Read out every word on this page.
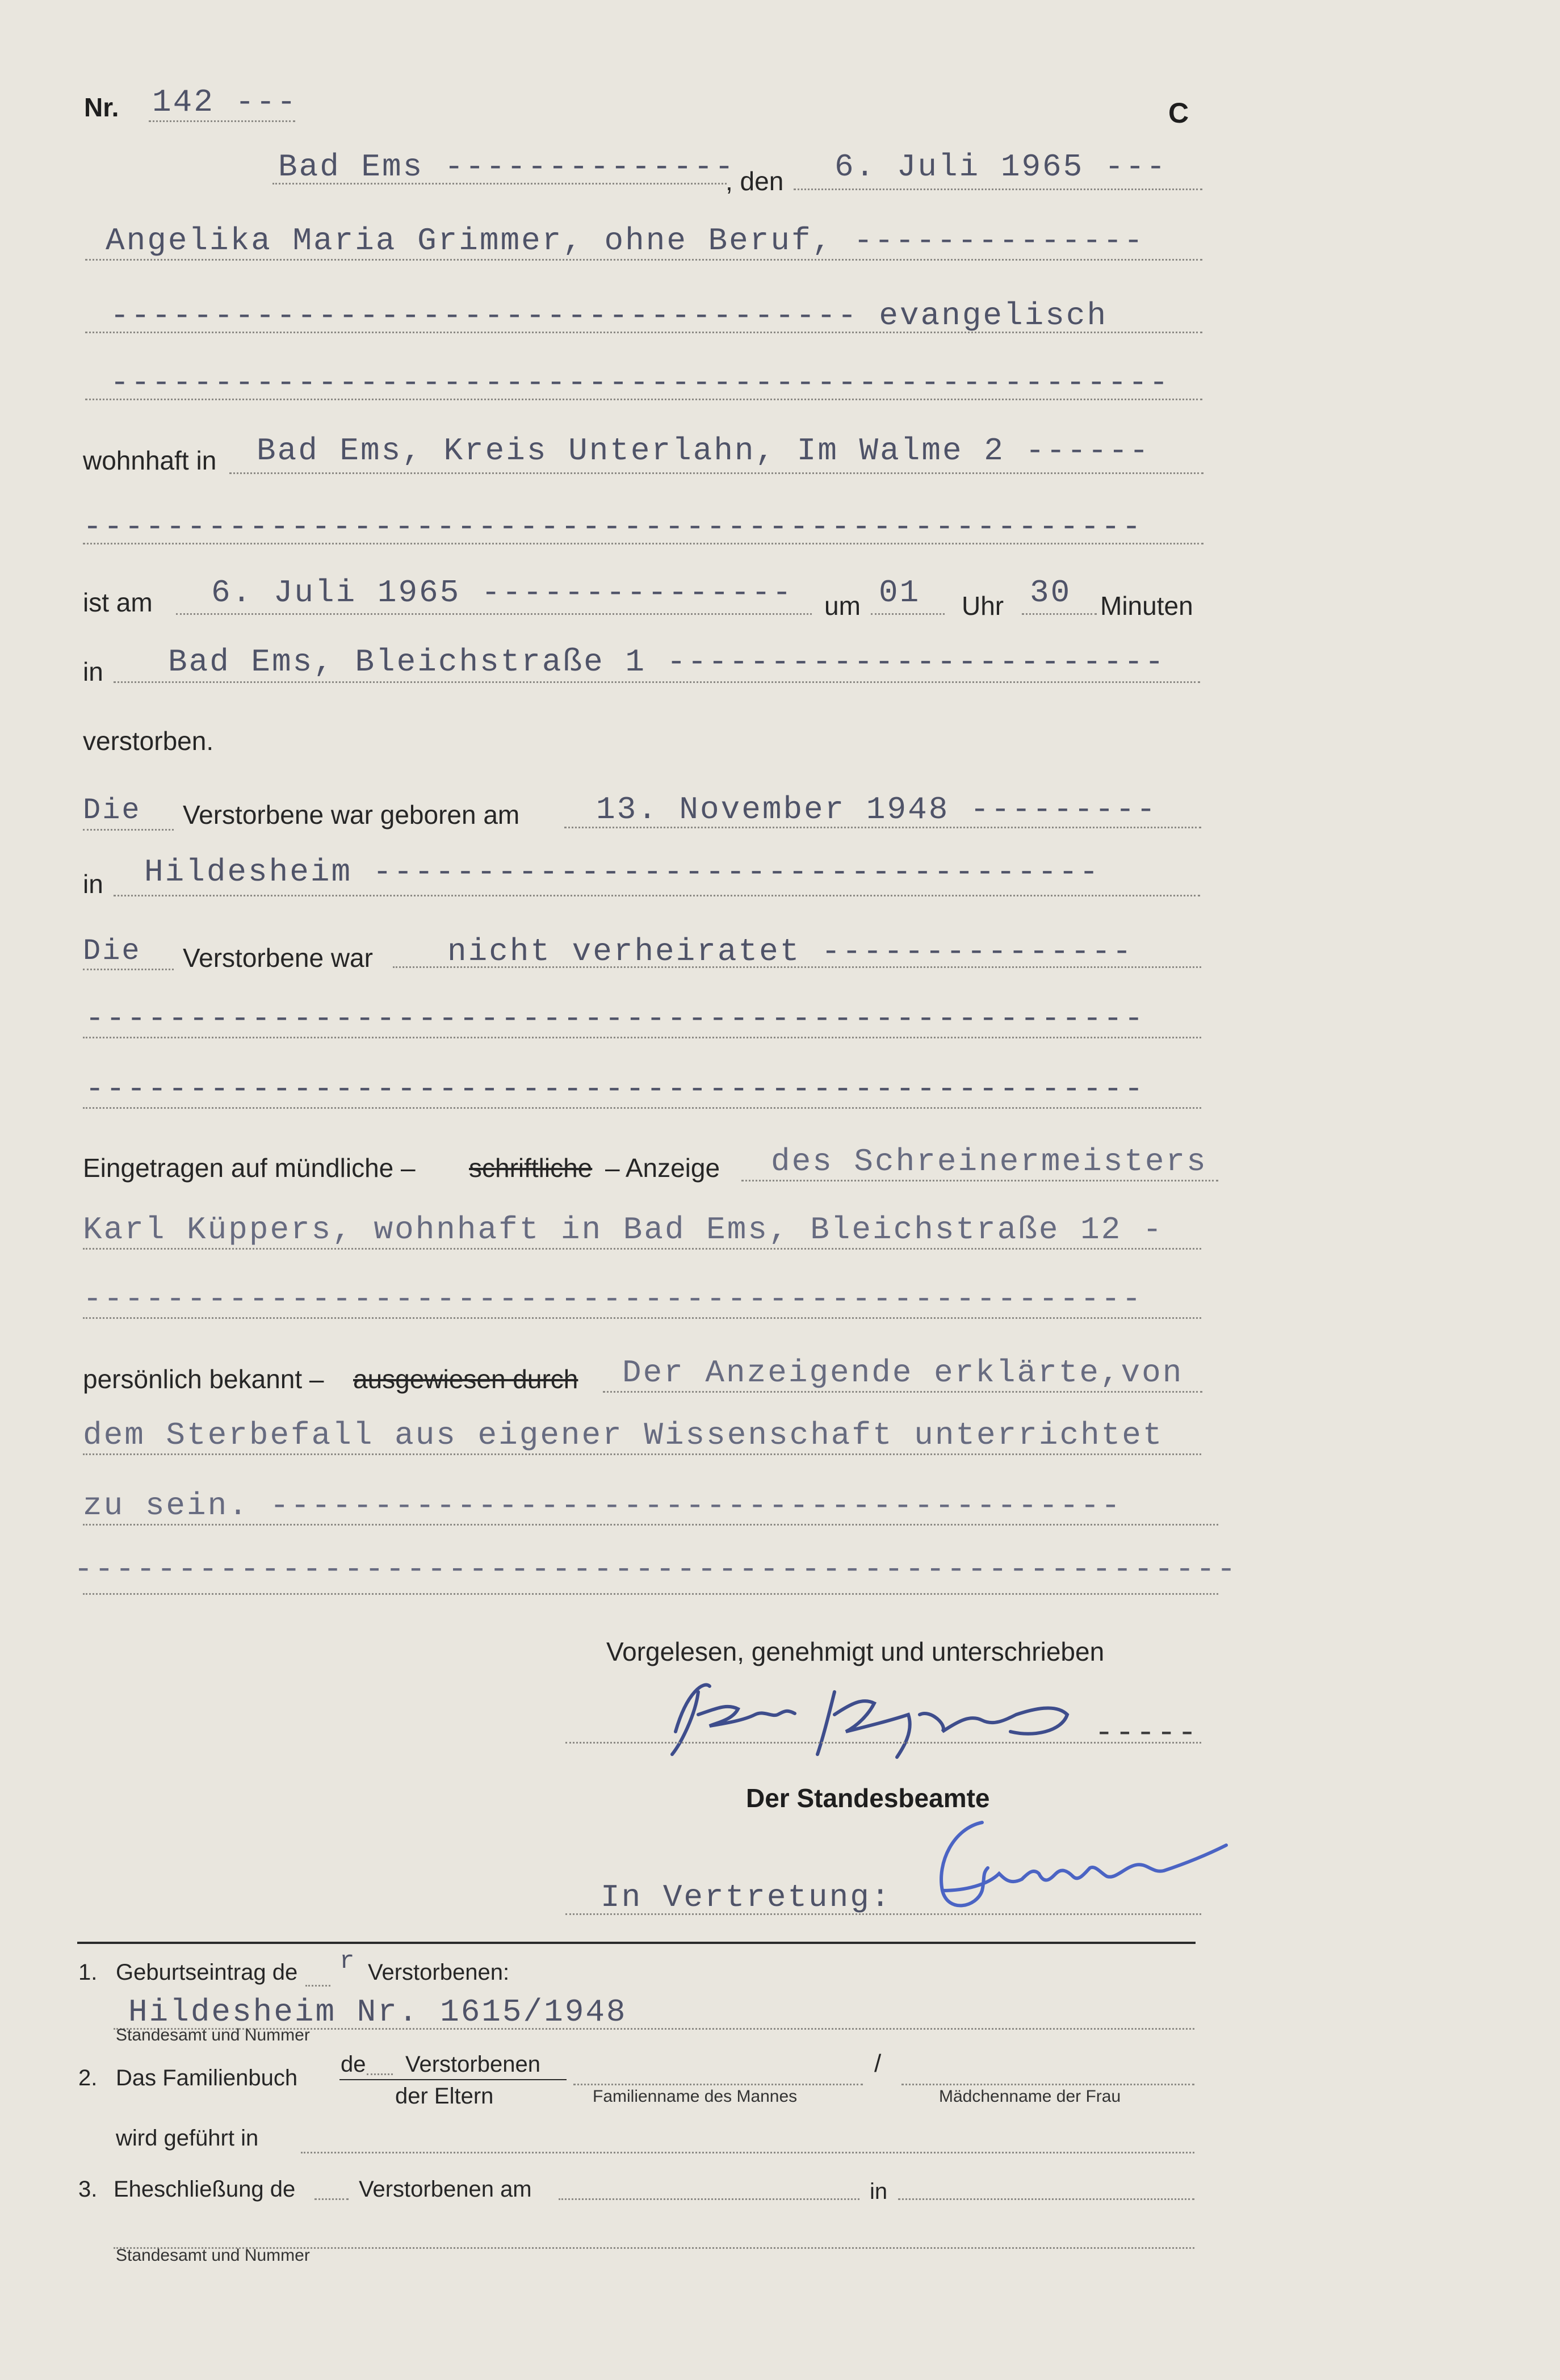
Nr. 142 ---	C
Bad Ems --------------
, den 6. Juli 1965 ---
Angelika Maria Grimmer, ohne Beruf, --------------
------------------------------------ evangelisch
---------------------------------------------------
wohnhaft in Bad Ems, Kreis Unterlahn, Im Walme 2 ------
---------------------------------------------------
ist am 6. Juli 1965 --------------- um 01 Uhr 30 Minuten
in Bad Ems, Bleichstraße 1 ------------------------
verstorben.
Die Verstorbene war geboren am 13. November 1948 ---------
in Hildesheim -----------------------------------
Die Verstorbene war nicht verheiratet ---------------
---------------------------------------------------
---------------------------------------------------
Eingetragen auf mündliche – schriftliche – Anzeige des Schreinermeisters
Karl Küppers, wohnhaft in Bad Ems, Bleichstraße 12 -
---------------------------------------------------
persönlich bekannt – ausgewiesen durch Der Anzeigende erklärte,von
dem Sterbefall aus eigener Wissenschaft unterrichtet
zu sein. -----------------------------------------
--------------------------------------------------------
Vorgelesen, genehmigt und unterschrieben
-----
Der Standesbeamte
In Vertretung:
1. Geburtseintrag de r Verstorbenen:
Hildesheim Nr. 1615/1948
Standesamt und Nummer
2. Das Familienbuch
de Verstorbenen
der Eltern	Familienname des Mannes
/
Mädchenname der Frau
wird geführt in
3. Eheschließung de	Verstorbenen am	in
Standesamt und Nummer
